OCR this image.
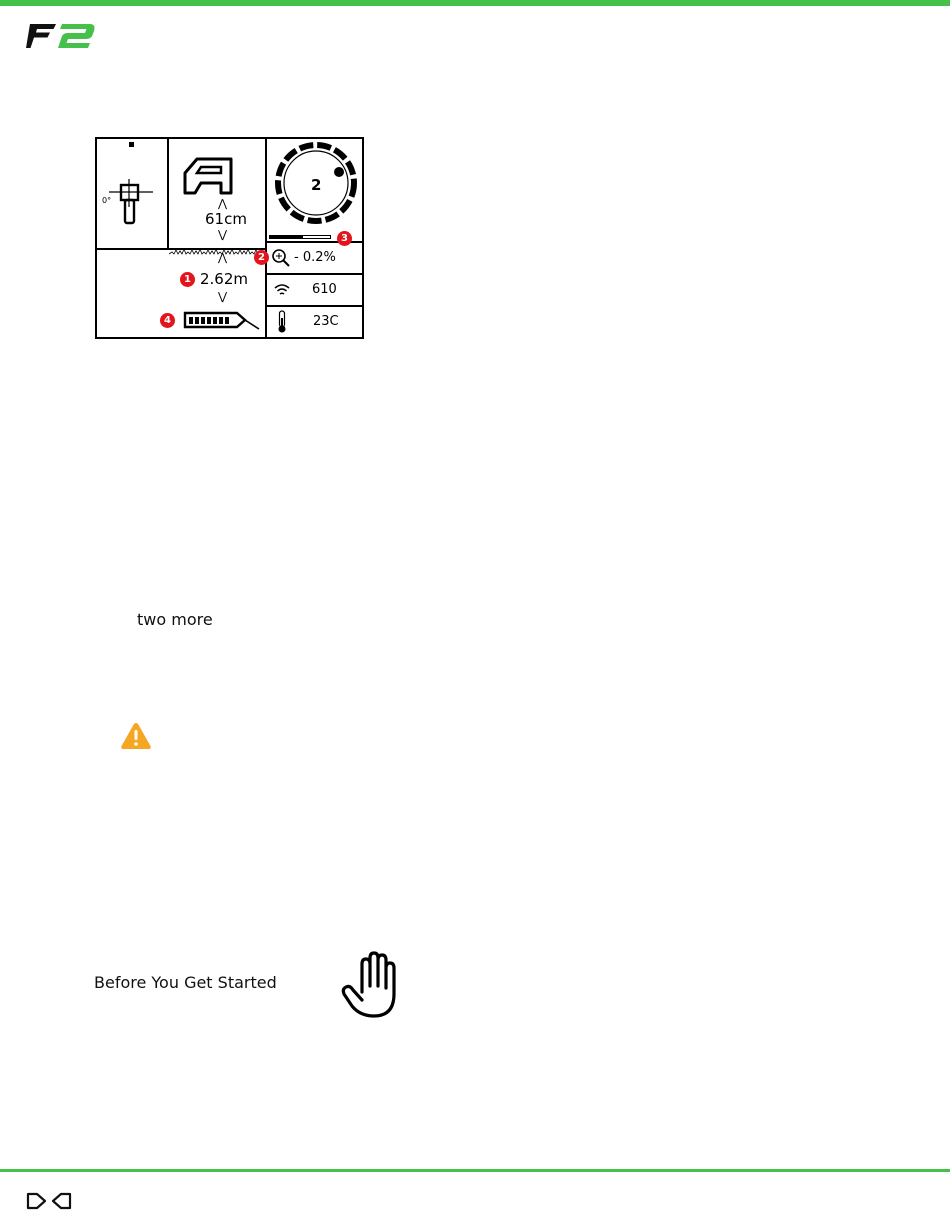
0°	⋀
61cm
⋁
⋀
1 2.62m
⋁
4
2
3
2	- 0.2%
610
23C
two more
Before You Get Started
